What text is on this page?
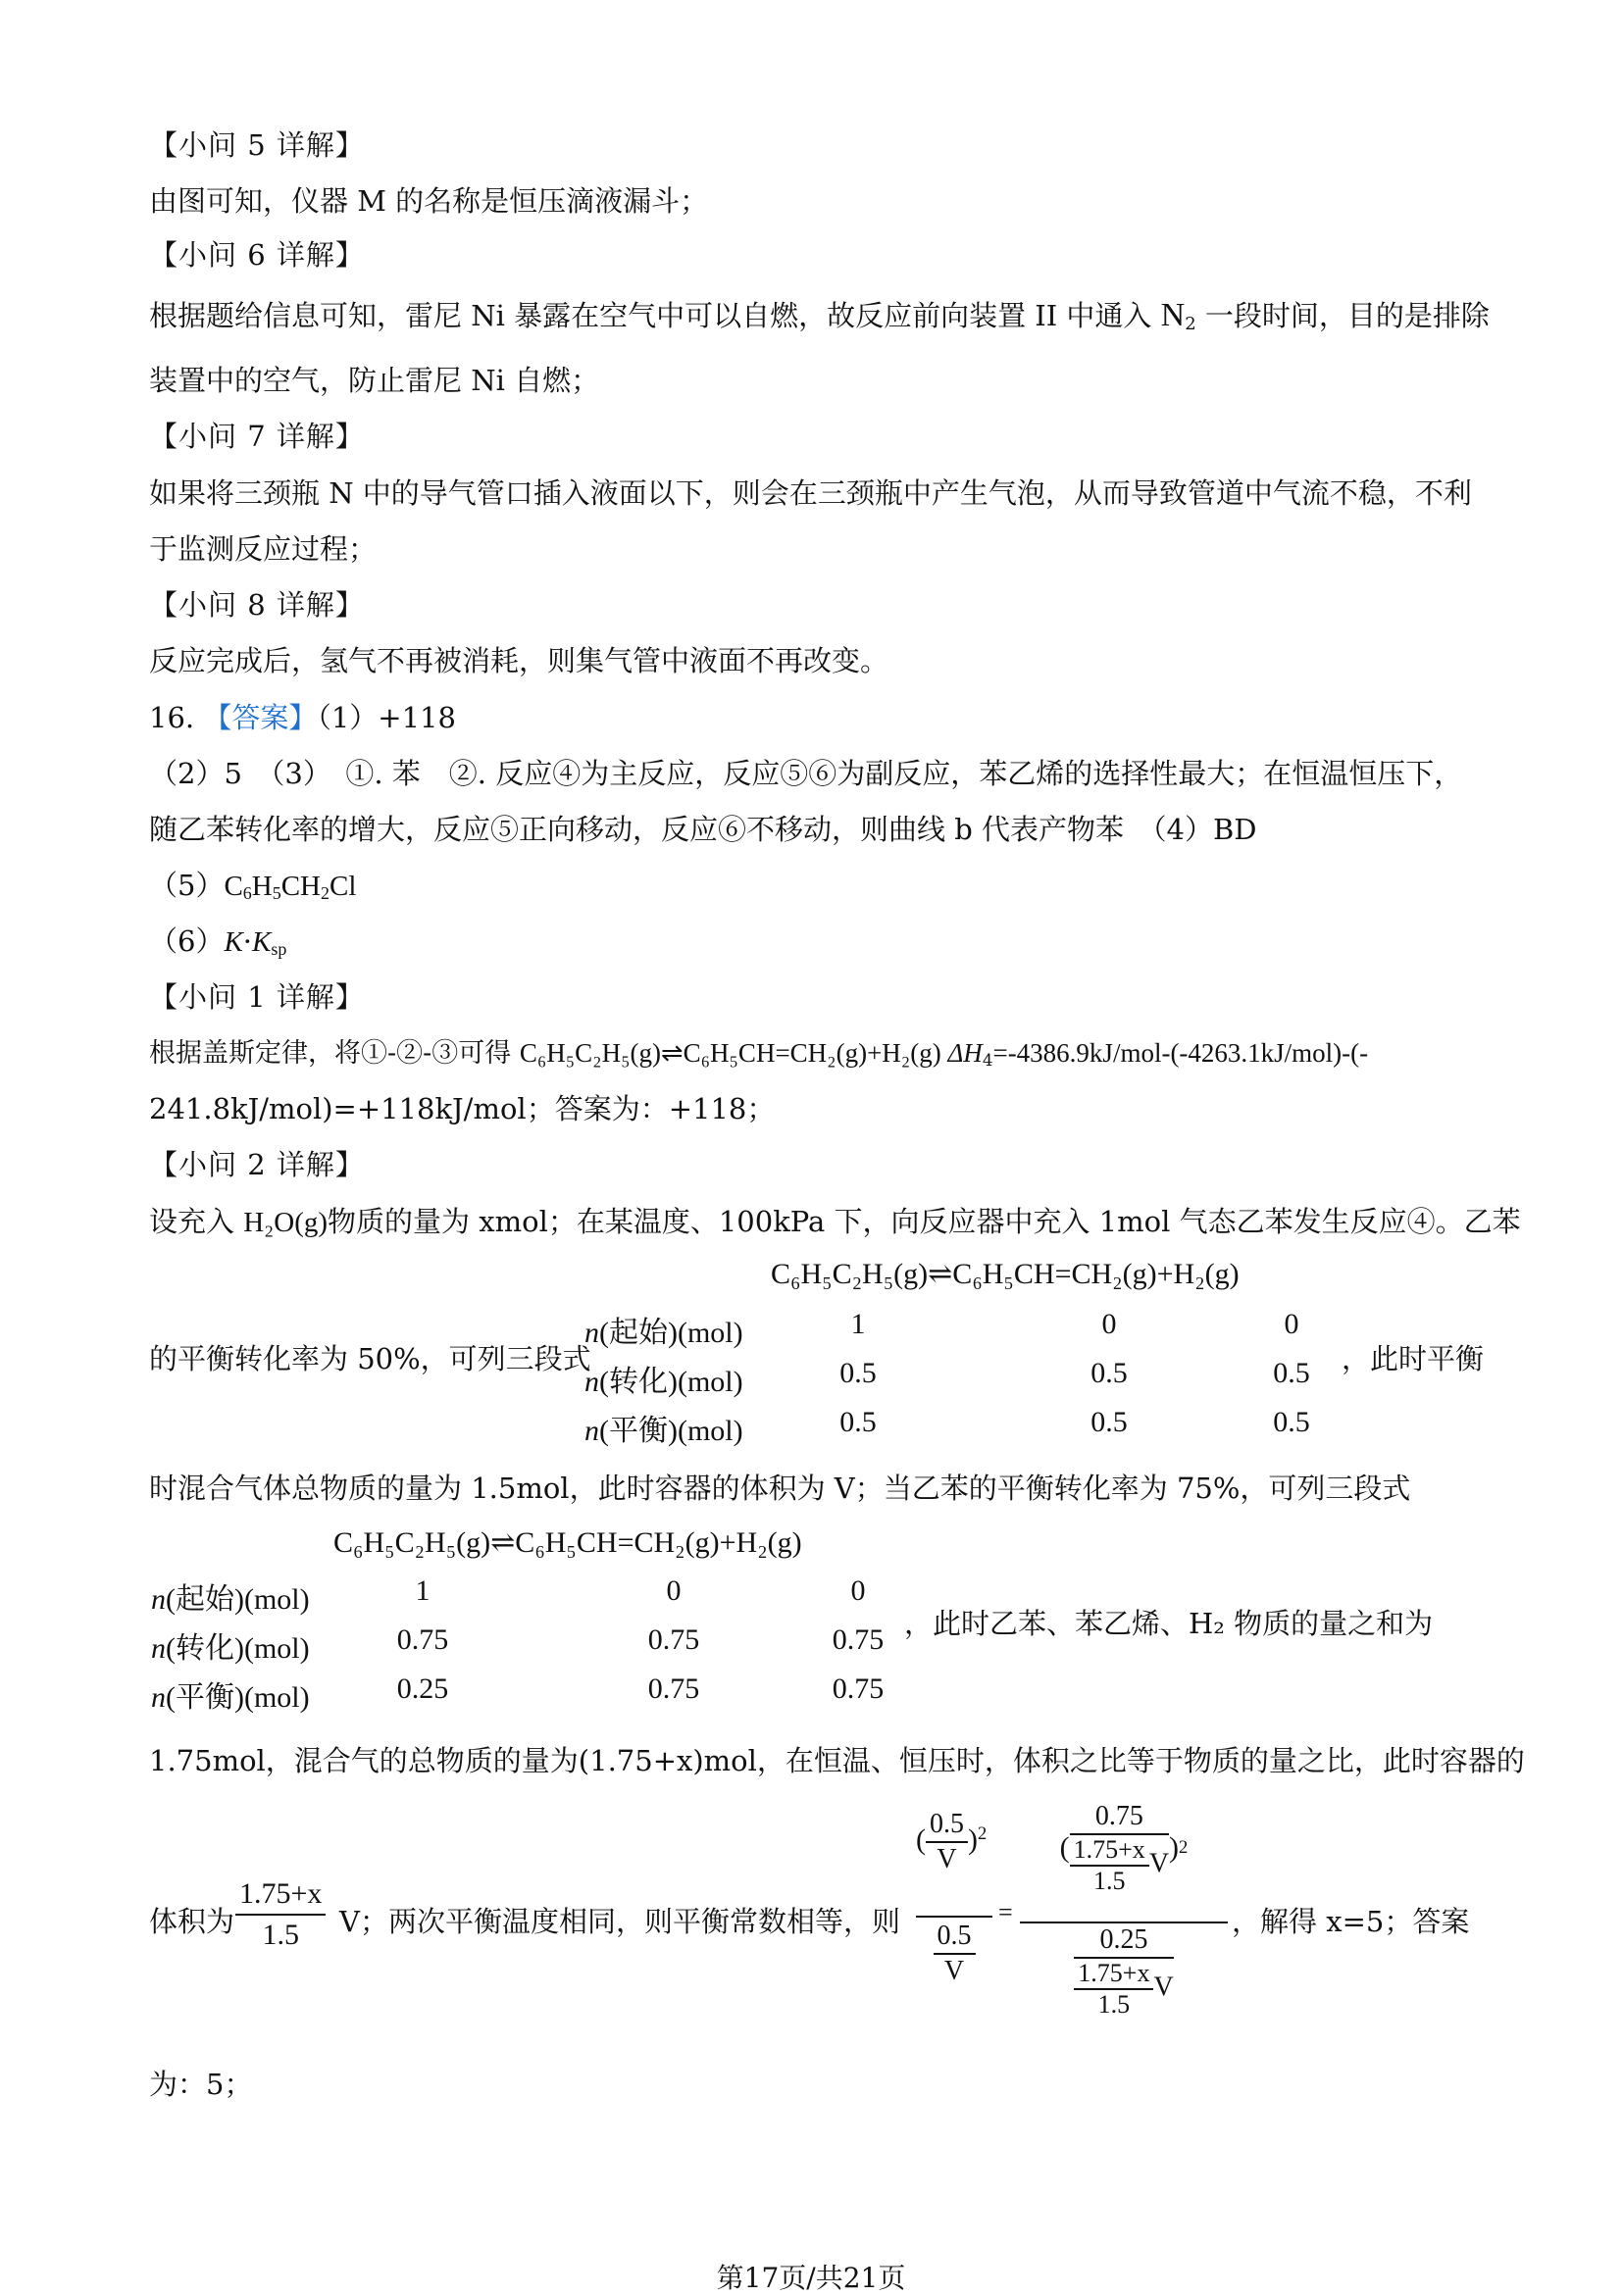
【小问 5 详解】
由图可知，仪器 M 的名称是恒压滴液漏斗；
【小问 6 详解】
根据题给信息可知，雷尼 Ni 暴露在空气中可以自燃，故反应前向装置 II 中通入 $N_2$ 一段时间，目的是排除
装置中的空气，防止雷尼 Ni 自燃；
【小问 7 详解】
如果将三颈瓶 N 中的导气管口插入液面以下，则会在三颈瓶中产生气泡，从而导致管道中气流不稳，不利
于监测反应过程；
【小问 8 详解】
反应完成后，氢气不再被消耗，则集气管中液面不再改变。
16. 【答案】（1）+118
（2）5　（3）　①. 苯　②. 反应④为主反应，反应⑤⑥为副反应，苯乙烯的选择性最大；在恒温恒压下，
随乙苯转化率的增大，反应⑤正向移动，反应⑥不移动，则曲线 b 代表产物苯　（4）BD
$(5)C_6H_5CH_2Cl$
$(6)K\cdot K_{sp}$
【小问 1 详解】
根据盖斯定律，将①-②-③可得 C₆H₅C₂H₅(g)⇌C₆H₅CH=CH₂(g)+H₂(g) $\Delta H_4=-4386.9kJ/mol-(-4263.1kJ/mol)-(-$
241.8kJ/mol)=+118kJ/mol；答案为：+118；
【小问 2 详解】
设充入 H₂O(g)物质的量为 xmol；在某温度、100kPa 下，向反应器中充入 1mol 气态乙苯发生反应④。乙苯
的平衡转化率为 50%，可列三段式
C₆H₅C₂H₅(g)⇌C₆H₅CH=CH₂(g)+H₂(g)
n(起始)(mol)	1	0	0
n(转化)(mol)	0.5	0.5	0.5
n(平衡)(mol)	0.5	0.5	0.5
，此时平衡
时混合气体总物质的量为 1.5mol，此时容器的体积为 V；当乙苯的平衡转化率为 75%，可列三段式
C₆H₅C₂H₅(g)⇌C₆H₅CH=CH₂(g)+H₂(g)
n(起始)(mol)	1	0	0
n(转化)(mol)	0.75	0.75	0.75
n(平衡)(mol)	0.25	0.75	0.75
，此时乙苯、苯乙烯、H₂ 物质的量之和为
1.75mol，混合气的总物质的量为(1.75+x)mol，在恒温、恒压时，体积之比等于物质的量之比，此时容器的
体积为 $\frac{1.75+x}{1.5}$ V；两次平衡温度相同，则平衡常数相等，则
( $\frac{0.5}{V} )^2$
$\frac{0.5}{V}$
=
(
0.75
$\frac{1.75+x}{1.5}$ V ) 2
$\frac{0.25}{\frac{1.75+x}{1.5} V}$
，解得 x=5；答案
为：5；
第17页/共21页
